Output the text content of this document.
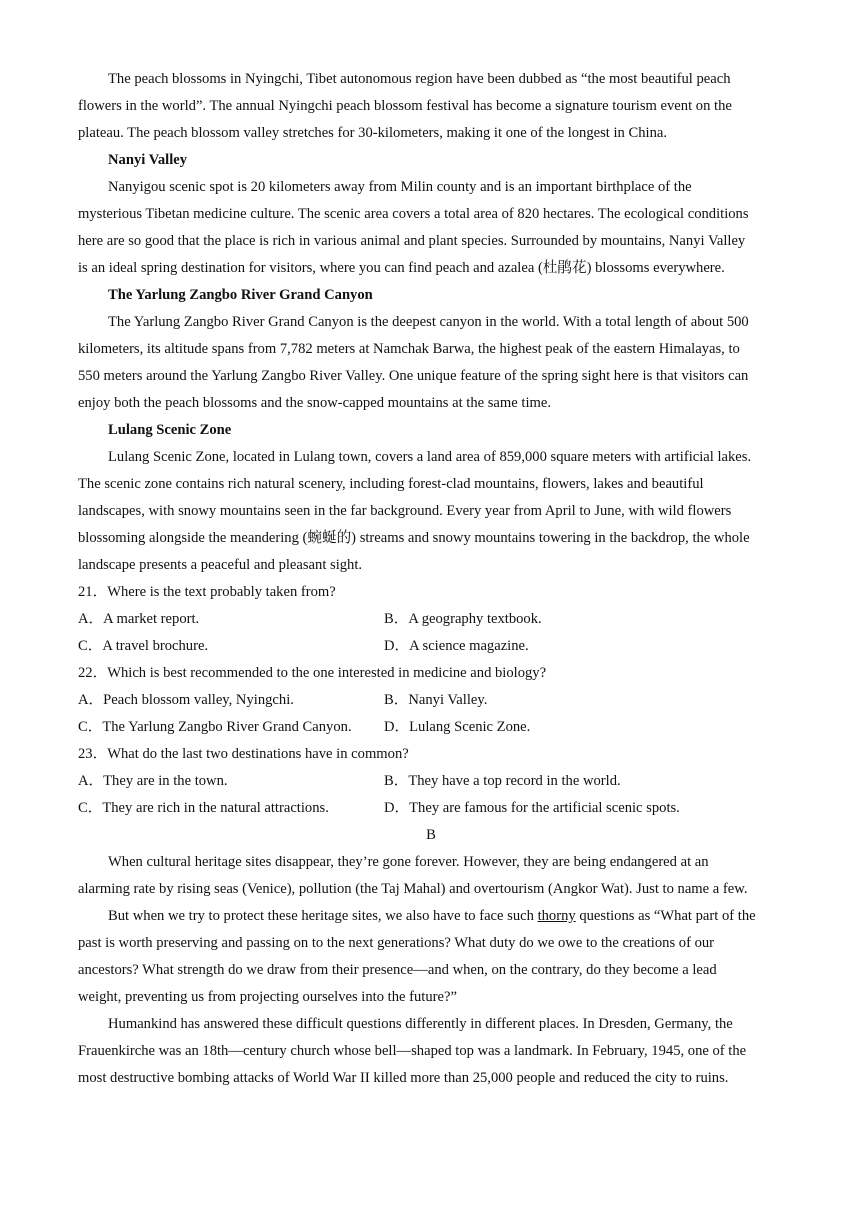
The peach blossoms in Nyingchi, Tibet autonomous region have been dubbed as “the most beautiful peach
flowers in the world”. The annual Nyingchi peach blossom festival has become a signature tourism event on the
plateau. The peach blossom valley stretches for 30-kilometers, making it one of the longest in China.
Nanyi Valley
Nanyigou scenic spot is 20 kilometers away from Milin county and is an important birthplace of the
mysterious Tibetan medicine culture. The scenic area covers a total area of 820 hectares. The ecological conditions
here are so good that the place is rich in various animal and plant species. Surrounded by mountains, Nanyi Valley
is an ideal spring destination for visitors, where you can find peach and azalea (杜鹃花) blossoms everywhere.
The Yarlung Zangbo River Grand Canyon
The Yarlung Zangbo River Grand Canyon is the deepest canyon in the world. With a total length of about 500
kilometers, its altitude spans from 7,782 meters at Namchak Barwa, the highest peak of the eastern Himalayas, to
550 meters around the Yarlung Zangbo River Valley. One unique feature of the spring sight here is that visitors can
enjoy both the peach blossoms and the snow-capped mountains at the same time.
Lulang Scenic Zone
Lulang Scenic Zone, located in Lulang town, covers a land area of 859,000 square meters with artificial lakes.
The scenic zone contains rich natural scenery, including forest-clad mountains, flowers, lakes and beautiful
landscapes, with snowy mountains seen in the far background. Every year from April to June, with wild flowers
blossoming alongside the meandering (蜿蜒的) streams and snowy mountains towering in the backdrop, the whole
landscape presents a peaceful and pleasant sight.
21．Where is the text probably taken from?
A．A market report.	B．A geography textbook.
C．A travel brochure.	D．A science magazine.
22．Which is best recommended to the one interested in medicine and biology?
A．Peach blossom valley, Nyingchi.	B．Nanyi Valley.
C．The Yarlung Zangbo River Grand Canyon. D．Lulang Scenic Zone.
23．What do the last two destinations have in common?
A．They are in the town.	B．They have a top record in the world.
C．They are rich in the natural attractions.	D．They are famous for the artificial scenic spots.
B
When cultural heritage sites disappear, they’re gone forever. However, they are being endangered at an
alarming rate by rising seas (Venice), pollution (the Taj Mahal) and overtourism (Angkor Wat). Just to name a few.
But when we try to protect these heritage sites, we also have to face such thorny questions as “What part of the
past is worth preserving and passing on to the next generations? What duty do we owe to the creations of our
ancestors? What strength do we draw from their presence—and when, on the contrary, do they become a lead
weight, preventing us from projecting ourselves into the future?”
Humankind has answered these difficult questions differently in different places. In Dresden, Germany, the
Frauenkirche was an 18th—century church whose bell—shaped top was a landmark. In February, 1945, one of the
most destructive bombing attacks of World War II killed more than 25,000 people and reduced the city to ruins.
